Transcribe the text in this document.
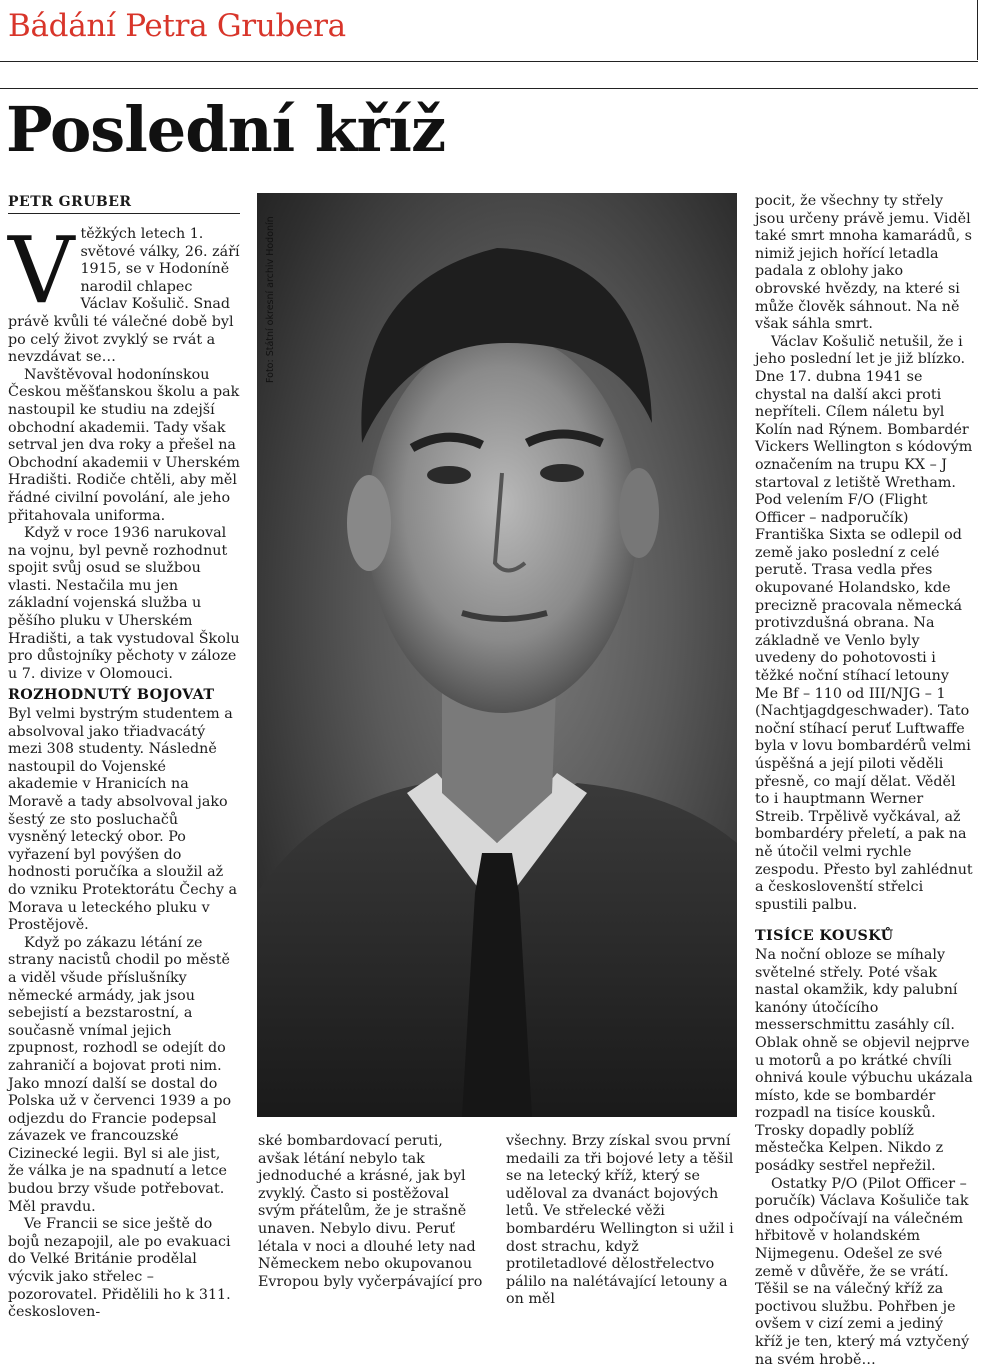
Bádání Petra Grubera
Poslední kříž
PETR GRUBER

Vtěžkých letech 1. světové války, 26. září 1915, se v Hodoníně narodil chlapec Václav Košulič. Snad právě kvůli té válečné době byl po celý život zvyklý se rvát a nevzdávat se…

Navštěvoval hodonínskou Českou měšťanskou školu a pak nastoupil ke studiu na zdejší obchodní akademii. Tady však setrval jen dva roky a přešel na Obchodní akademii v Uherském Hradišti. Rodiče chtěli, aby měl řádné civilní povolání, ale jeho přitahovala uniforma.

Když v roce 1936 narukoval na vojnu, byl pevně rozhodnut spojit svůj osud se službou vlasti. Nestačila mu jen základní vojenská služba u pěšího pluku v Uherském Hradišti, a tak vystudoval Školu pro důstojníky pěchoty v záloze u 7. divize v Olomouci.

ROZHODNUTÝ BOJOVAT

Byl velmi bystrým studentem a absolvoval jako třiadvacátý mezi 308 studenty. Následně nastoupil do Vojenské akademie v Hranicích na Moravě a tady absolvoval jako šestý ze sto posluchačů vysněný letecký obor. Po vyřazení byl povýšen do hodnosti poručíka a sloužil až do vzniku Protektorátu Čechy a Morava u leteckého pluku v Prostějově.

Když po zákazu létání ze strany nacistů chodil po městě a viděl všude příslušníky německé armády, jak jsou sebejistí a bezstarostní, a současně vnímal jejich zpupnost, rozhodl se odejít do zahraničí a bojovat proti nim. Jako mnozí další se dostal do Polska už v červenci 1939 a po odjezdu do Francie podepsal závazek ve francouzské Cizinecké legii. Byl si ale jist, že válka je na spadnutí a letce budou brzy všude potřebovat. Měl pravdu.

Ve Francii se sice ještě do bojů nezapojil, ale po evakuaci do Velké Británie prodělal výcvik jako střelec – pozorovatel. Přidělili ho k 311. českosloven-

Foto: Státní okresní archiv Hodonín

ské bombardovací peruti, avšak létání nebylo tak jednoduché a krásné, jak byl zvyklý. Často si postěžoval svým přátelům, že je strašně unaven. Nebylo divu. Peruť létala v noci a dlouhé lety nad Německem nebo okupovanou Evropou byly vyčerpávající pro

všechny. Brzy získal svou první medaili za tři bojové lety a těšil se na letecký kříž, který se uděloval za dvanáct bojových letů. Ve střelecké věži bombardéru Wellington si užil i dost strachu, když protiletadlové dělostřelectvo pálilo na nalétávající letouny a on měl

pocit, že všechny ty střely jsou určeny právě jemu. Viděl také smrt mnoha kamarádů, s nimiž jejich hořící letadla padala z oblohy jako obrovské hvězdy, na které si může člověk sáhnout. Na ně však sáhla smrt.

Václav Košulič netušil, že i jeho poslední let je již blízko. Dne 17. dubna 1941 se chystal na další akci proti nepříteli. Cílem náletu byl Kolín nad Rýnem. Bombardér Vickers Wellington s kódovým označením na trupu KX – J startoval z letiště Wretham. Pod velením F/O (Flight Officer – nadporučík) Františka Sixta se odlepil od země jako poslední z celé perutě. Trasa vedla přes okupované Holandsko, kde precizně pracovala německá protivzdušná obrana. Na základně ve Venlo byly uvedeny do pohotovosti i těžké noční stíhací letouny Me Bf – 110 od III/NJG – 1 (Nachtjagdgeschwader). Tato noční stíhací peruť Luftwaffe byla v lovu bombardérů velmi úspěšná a její piloti věděli přesně, co mají dělat. Věděl to i hauptmann Werner Streib. Trpělivě vyčkával, až bombardéry přeletí, a pak na ně útočil velmi rychle zespodu. Přesto byl zahlédnut a českoslovenští střelci spustili palbu.

TISÍCE KOUSKŮ

Na noční obloze se míhaly světelné střely. Poté však nastal okamžik, kdy palubní kanóny útočícího messerschmittu zasáhly cíl. Oblak ohně se objevil nejprve u motorů a po krátké chvíli ohnivá koule výbuchu ukázala místo, kde se bombardér rozpadl na tisíce kousků. Trosky dopadly poblíž městečka Kelpen. Nikdo z posádky sestřel nepřežil.

Ostatky P/O (Pilot Officer – poručík) Václava Košuliče tak dnes odpočívají na válečném hřbitově v holandském Nijmegenu. Odešel ze své země v důvěře, že se vrátí. Těšil se na válečný kříž za poctivou službu. Pohřben je ovšem v cizí zemi a jediný kříž je ten, který má vztyčený na svém hrobě…
